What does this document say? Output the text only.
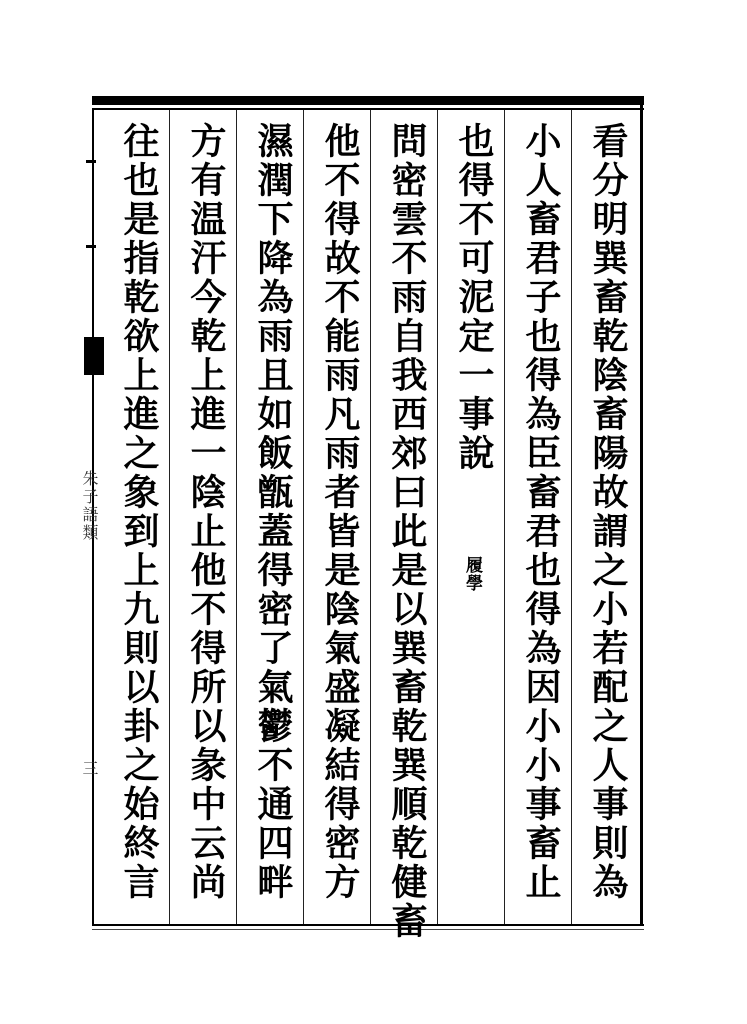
看分明巽畜乾陰畜陽故謂之小若配之人事則為
小人畜君子也得為臣畜君也得為因小小事畜止
也得不可泥定一事說
履學
問密雲不雨自我西郊曰此是以巽畜乾巽順乾健畜
他不得故不能雨凡雨者皆是陰氣盛凝結得密方
濕潤下降為雨且如飯甑蓋得密了氣鬱不通四畔
方有温汗今乾上進一陰止他不得所以彖中云尚
往也是指乾欲上進之象到上九則以卦之始終言
朱子語類
三
